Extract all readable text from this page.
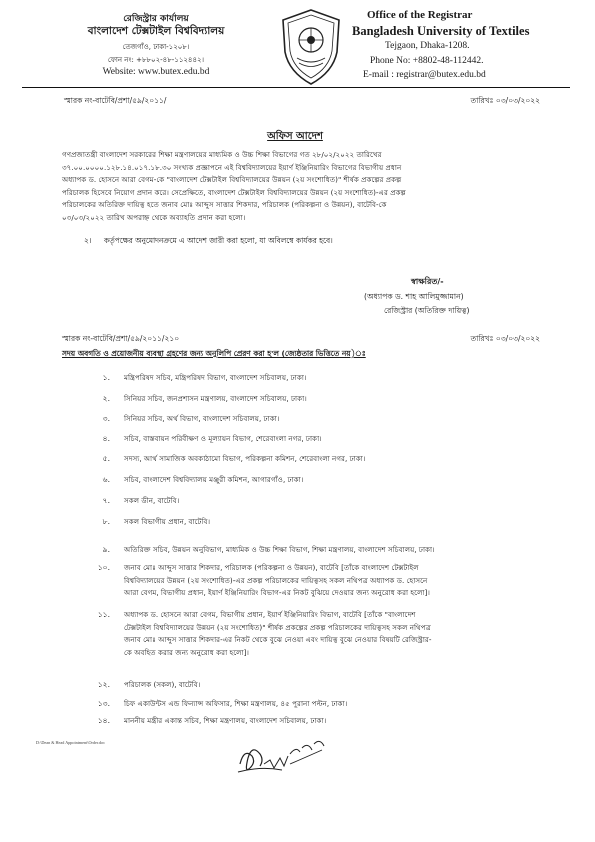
রেজিস্ট্রার কার্যালয়
বাংলাদেশ টেক্সটাইল বিশ্ববিদ্যালয়
তেজগাঁও, ঢাকা-১২০৮।
ফোন নং: +৮৮০২-৪৮-১১২৪৪২।
Website: www.butex.edu.bd
Office of the Registrar
Bangladesh University of Textiles
Tejgaon, Dhaka-1208.
Phone No: +8802-48-112442.
E-mail : registrar@butex.edu.bd
স্মারক নং-বাটেবি/প্রশা/৫৯/২০১১/	তারিখঃ ০৩/০৩/২০২২
অফিস আদেশ
গণপ্রজাতন্ত্রী বাংলাদেশ সরকারের শিক্ষা মন্ত্রণালয়ের মাধ্যমিক ও উচ্চ শিক্ষা বিভাগের গত ২৮/০২/২০২২ তারিখের
৩৭.০০.০০০০.১২৮.১৪.০১৭.১৮.৩০ সংখ্যক প্রজ্ঞাপনে এই বিশ্ববিদ্যালয়ের ইয়ার্ণ ইঞ্জিনিয়ারিং বিভাগের বিভাগীয় প্রধান
অধ্যাপক ড. হোসনে আরা বেগম-কে "বাংলাদেশ টেক্সটাইল বিশ্ববিদ্যালয়ের উন্নয়ন (২য় সংশোধিত)" শীর্ষক প্রকল্পের প্রকল্প
পরিচালক হিসেবে নিয়োগ প্রদান করে। সেপ্রেক্ষিতে, বাংলাদেশ টেক্সটাইল বিশ্ববিদ্যালয়ের উন্নয়ন (২য় সংশোধিত)-এর প্রকল্প
পরিচালকের অতিরিক্ত দায়িত্ব হতে জনাব মোঃ আব্দুস সাত্তার শিকদার, পরিচালক (পরিকল্পনা ও উন্নয়ন), বাটেবি-কে
০৩/০৩/২০২২ তারিখ অপরাহ্ন থেকে অব্যাহতি প্রদান করা হলো।
২। কর্তৃপক্ষের অনুমোদনক্রমে এ আদেশ জারী করা হলো, যা অবিলম্বে কার্যকর হবে।
স্বাক্ষরিত/-
(অধ্যাপক ড. শাহ আলিমুজ্জামান)
রেজিস্ট্রার (অতিরিক্ত দায়িত্ব)
স্মারক নং-বাটেবি/প্রশা/৫৯/২০১১/২১০	তারিখঃ ০৩/০৩/২০২২
সদয় অবগতি ও প্রয়োজনীয় ব্যবস্থা গ্রহণের জন্য অনুলিপি প্রেরণ করা হ'ল (জ্যেষ্ঠতার ভিত্তিতে নয়)ঃ
১. মন্ত্রিপরিষদ সচিব, মন্ত্রিপরিষদ বিভাগ, বাংলাদেশ সচিবালয়, ঢাকা।
২. সিনিয়র সচিব, জনপ্রশাসন মন্ত্রণালয়, বাংলাদেশ সচিবালয়, ঢাকা।
৩. সিনিয়র সচিব, অর্থ বিভাগ, বাংলাদেশ সচিবালয়, ঢাকা।
৪. সচিব, বাস্তবায়ন পরিবীক্ষণ ও মূল্যায়ন বিভাগ, শেরেবাংলা নগর, ঢাকা।
৫. সদস্য, আর্থ সামাজিক অবকাঠামো বিভাগ, পরিকল্পনা কমিশন, শেরেবাংলা নগর, ঢাকা।
৬. সচিব, বাংলাদেশ বিশ্ববিদ্যালয় মঞ্জুরী কমিশন, আগারগাঁও, ঢাকা।
৭. সকল ডীন, বাটেবি।
৮. সকল বিভাগীয় প্রধান, বাটেবি।
৯. অতিরিক্ত সচিব, উন্নয়ন অনুবিভাগ, মাধ্যমিক ও উচ্চ শিক্ষা বিভাগ, শিক্ষা মন্ত্রণালয়, বাংলাদেশ সচিবালয়, ঢাকা।
১০. জনাব মোঃ আব্দুস সাত্তার শিকদার, পরিচালক (পরিকল্পনা ও উন্নয়ন), বাটেবি [তাঁকে বাংলাদেশ টেক্সটাইল
বিশ্ববিদ্যালয়ের উন্নয়ন (২য় সংশোধিত)-এর প্রকল্প পরিচালকের দায়িত্বসহ সকল নথিপত্র অধ্যাপক ড. হোসনে
আরা বেগম, বিভাগীয় প্রধান, ইয়ার্ণ ইঞ্জিনিয়ারিং বিভাগ-এর নিকট বুঝিয়ে দেওয়ার জন্য অনুরোধ করা হলো]।
১১. অধ্যাপক ড. হোসনে আরা বেগম, বিভাগীয় প্রধান, ইয়ার্ণ ইঞ্জিনিয়ারিং বিভাগ, বাটেবি [তাঁকে "বাংলাদেশ
টেক্সটাইল বিশ্ববিদ্যালয়ের উন্নয়ন (২য় সংশোধিত)" শীর্ষক প্রকল্পের প্রকল্প পরিচালকের দায়িত্বসহ সকল নথিপত্র
জনাব মোঃ আব্দুস সাত্তার শিকদার-এর নিকট থেকে বুঝে নেওয়া এবং দায়িত্ব বুঝে নেওয়ার বিষয়টি রেজিস্ট্রার-
কে অবহিত করার জন্য অনুরোধ করা হলো]।
১২. পরিচালক (সকল), বাটেবি।
১৩. চিফ একাউন্টস এন্ড ফিন্যান্স অফিসার, শিক্ষা মন্ত্রণালয়, ৪৫ পুরানা পল্টন, ঢাকা।
১৪. মাননীয় মন্ত্রীর একান্ত সচিব, শিক্ষা মন্ত্রণালয়, বাংলাদেশ সচিবালয়, ঢাকা।
D:\Dean & Head Appointment\Order.doc
